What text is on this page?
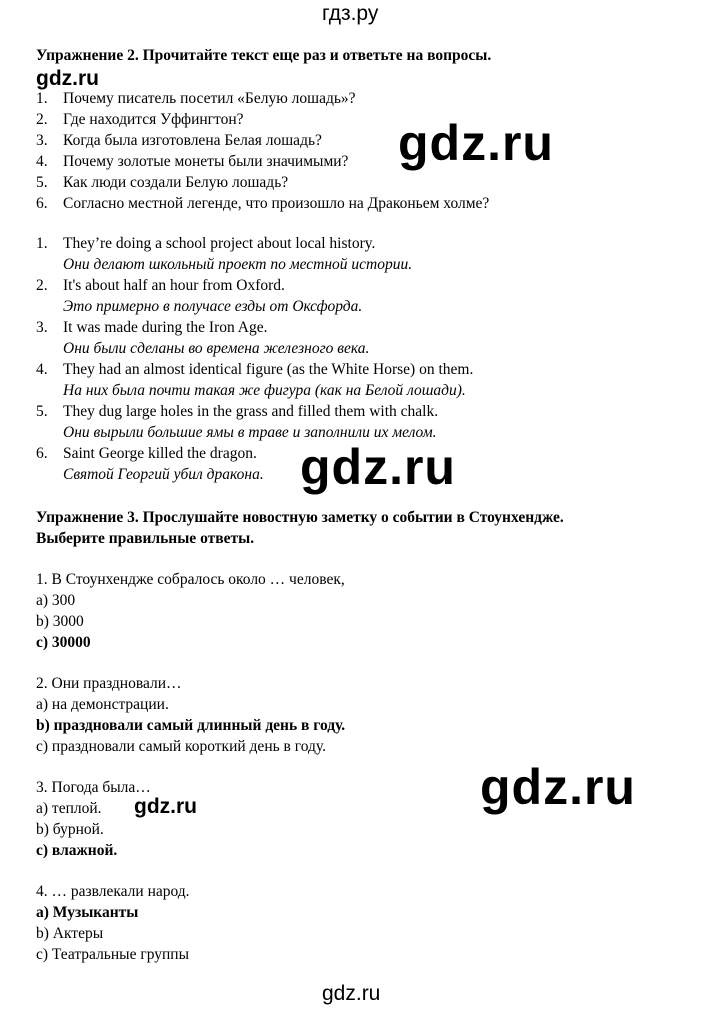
гдз.ру
Упражнение 2. Прочитайте текст еще раз и ответьте на вопросы.
gdz.ru
1. Почему писатель посетил «Белую лошадь»?
2. Где находится Уффингтон?
3. Когда была изготовлена Белая лошадь?
4. Почему золотые монеты были значимыми?
5. Как люди создали Белую лошадь?
6. Согласно местной легенде, что произошло на Драконьем холме?
gdz.ru
1. They’re doing a school project about local history.
Они делают школьный проект по местной истории.
2. It's about half an hour from Oxford.
Это примерно в получасе езды от Оксфорда.
3. It was made during the Iron Age.
Они были сделаны во времена железного века.
4. They had an almost identical figure (as the White Horse) on them.
На них была почти такая же фигура (как на Белой лошади).
5. They dug large holes in the grass and filled them with chalk.
Они вырыли большие ямы в траве и заполнили их мелом.
6. Saint George killed the dragon.
Святой Георгий убил дракона. gdz.ru
Упражнение 3. Прослушайте новостную заметку о событии в Стоунхендже.
Выберите правильные ответы.
1. В Стоунхендже собралось около … человек,
a) 300
b) 3000
c) 30000
2. Они праздновали…
a) на демонстрации.
b) праздновали самый длинный день в году.
c) праздновали самый короткий день в году.
3. Погода была…
a) теплой.
b) бурной.
c) влажной.
gdz.ru	gdz.ru
4. … развлекали народ.
a) Музыканты
b) Актеры
c) Театральные группы
gdz.ru
